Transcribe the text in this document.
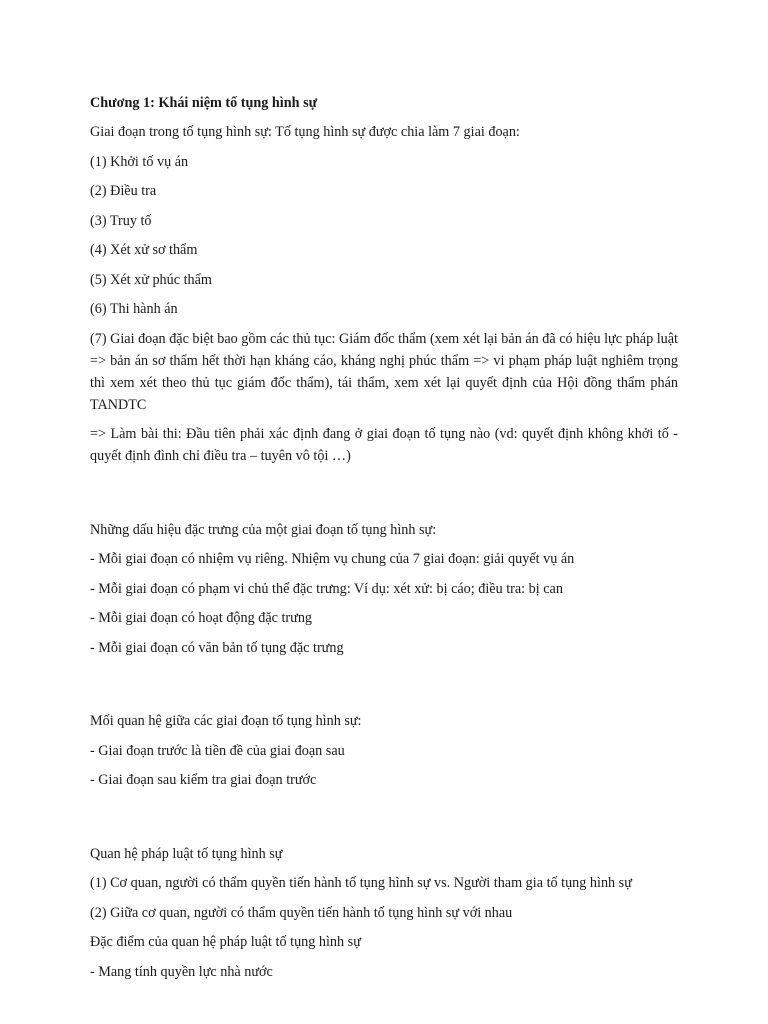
Chương 1: Khái niệm tố tụng hình sự

Giai đoạn trong tố tụng hình sự: Tố tụng hình sự được chia làm 7 giai đoạn:

(1) Khởi tố vụ án

(2) Điều tra

(3) Truy tố

(4) Xét xử sơ thẩm

(5) Xét xử phúc thẩm

(6) Thi hành án

(7) Giai đoạn đặc biệt bao gồm các thủ tục: Giám đốc thẩm (xem xét lại bản án đã có hiệu lực pháp luật => bản án sơ thẩm hết thời hạn kháng cáo, kháng nghị phúc thẩm => vi phạm pháp luật nghiêm trọng thì xem xét theo thủ tục giám đốc thẩm), tái thẩm, xem xét lại quyết định của Hội đồng thẩm phán TANDTC

=> Làm bài thi: Đầu tiên phải xác định đang ở giai đoạn tố tụng nào (vd: quyết định không khởi tố - quyết định đình chỉ điều tra – tuyên vô tội …)

Những dấu hiệu đặc trưng của một giai đoạn tố tụng hình sự:

- Mỗi giai đoạn có nhiệm vụ riêng. Nhiệm vụ chung của 7 giai đoạn: giải quyết vụ án

- Mỗi giai đoạn có phạm vi chủ thể đặc trưng: Ví dụ: xét xử: bị cáo; điều tra: bị can

- Mỗi giai đoạn có hoạt động đặc trưng

- Mỗi giai đoạn có văn bản tố tụng đặc trưng

Mối quan hệ giữa các giai đoạn tố tụng hình sự:

- Giai đoạn trước là tiền đề của giai đoạn sau

- Giai đoạn sau kiểm tra giai đoạn trước

Quan hệ pháp luật tố tụng hình sự

(1) Cơ quan, người có thẩm quyền tiến hành tố tụng hình sự vs. Người tham gia tố tụng hình sự

(2) Giữa cơ quan, người có thẩm quyền tiến hành tố tụng hình sự với nhau

Đặc điểm của quan hệ pháp luật tố tụng hình sự

- Mang tính quyền lực nhà nước
